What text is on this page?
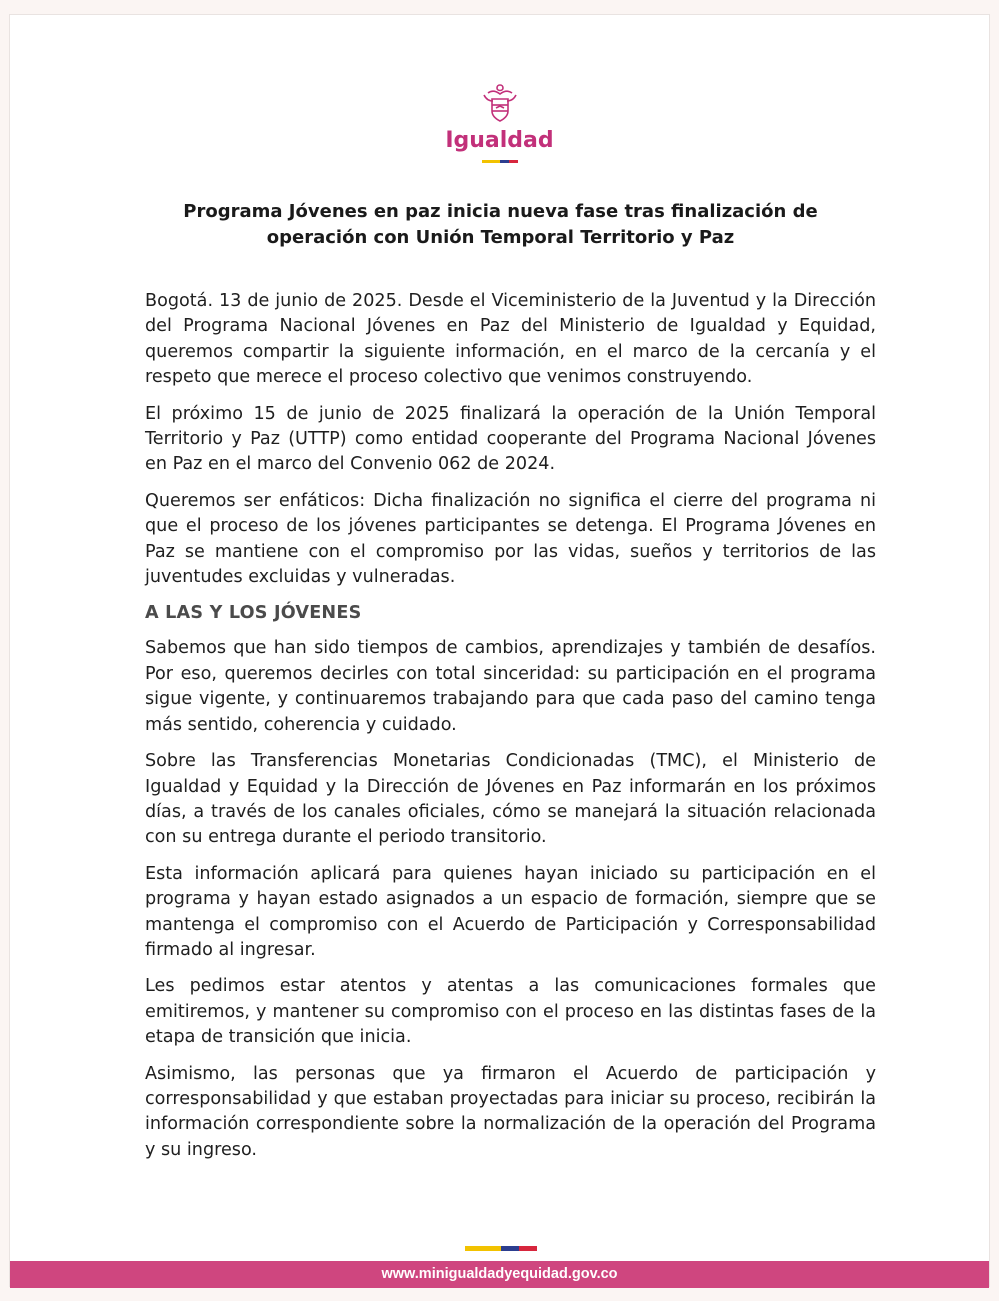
Igualdad
Programa Jóvenes en paz inicia nueva fase tras finalización de
operación con Unión Temporal Territorio y Paz

Bogotá. 13 de junio de 2025. Desde el Viceministerio de la Juventud y la Dirección del Programa Nacional Jóvenes en Paz del Ministerio de Igualdad y Equidad, queremos compartir la siguiente información, en el marco de la cercanía y el respeto que merece el proceso colectivo que venimos construyendo.

El próximo 15 de junio de 2025 finalizará la operación de la Unión Temporal Territorio y Paz (UTTP) como entidad cooperante del Programa Nacional Jóvenes en Paz en el marco del Convenio 062 de 2024.

Queremos ser enfáticos: Dicha finalización no significa el cierre del programa ni que el proceso de los jóvenes participantes se detenga. El Programa Jóvenes en Paz se mantiene con el compromiso por las vidas, sueños y territorios de las juventudes excluidas y vulneradas.

A LAS Y LOS JÓVENES

Sabemos que han sido tiempos de cambios, aprendizajes y también de desafíos. Por eso, queremos decirles con total sinceridad: su participación en el programa sigue vigente, y continuaremos trabajando para que cada paso del camino tenga más sentido, coherencia y cuidado.

Sobre las Transferencias Monetarias Condicionadas (TMC), el Ministerio de Igualdad y Equidad y la Dirección de Jóvenes en Paz informarán en los próximos días, a través de los canales oficiales, cómo se manejará la situación relacionada con su entrega durante el periodo transitorio.

Esta información aplicará para quienes hayan iniciado su participación en el programa y hayan estado asignados a un espacio de formación, siempre que se mantenga el compromiso con el Acuerdo de Participación y Corresponsabilidad firmado al ingresar.

Les pedimos estar atentos y atentas a las comunicaciones formales que emitiremos, y mantener su compromiso con el proceso en las distintas fases de la etapa de transición que inicia.

Asimismo, las personas que ya firmaron el Acuerdo de participación y corresponsabilidad y que estaban proyectadas para iniciar su proceso, recibirán la información correspondiente sobre la normalización de la operación del Programa y su ingreso.

www.minigualdadyequidad.gov.co
